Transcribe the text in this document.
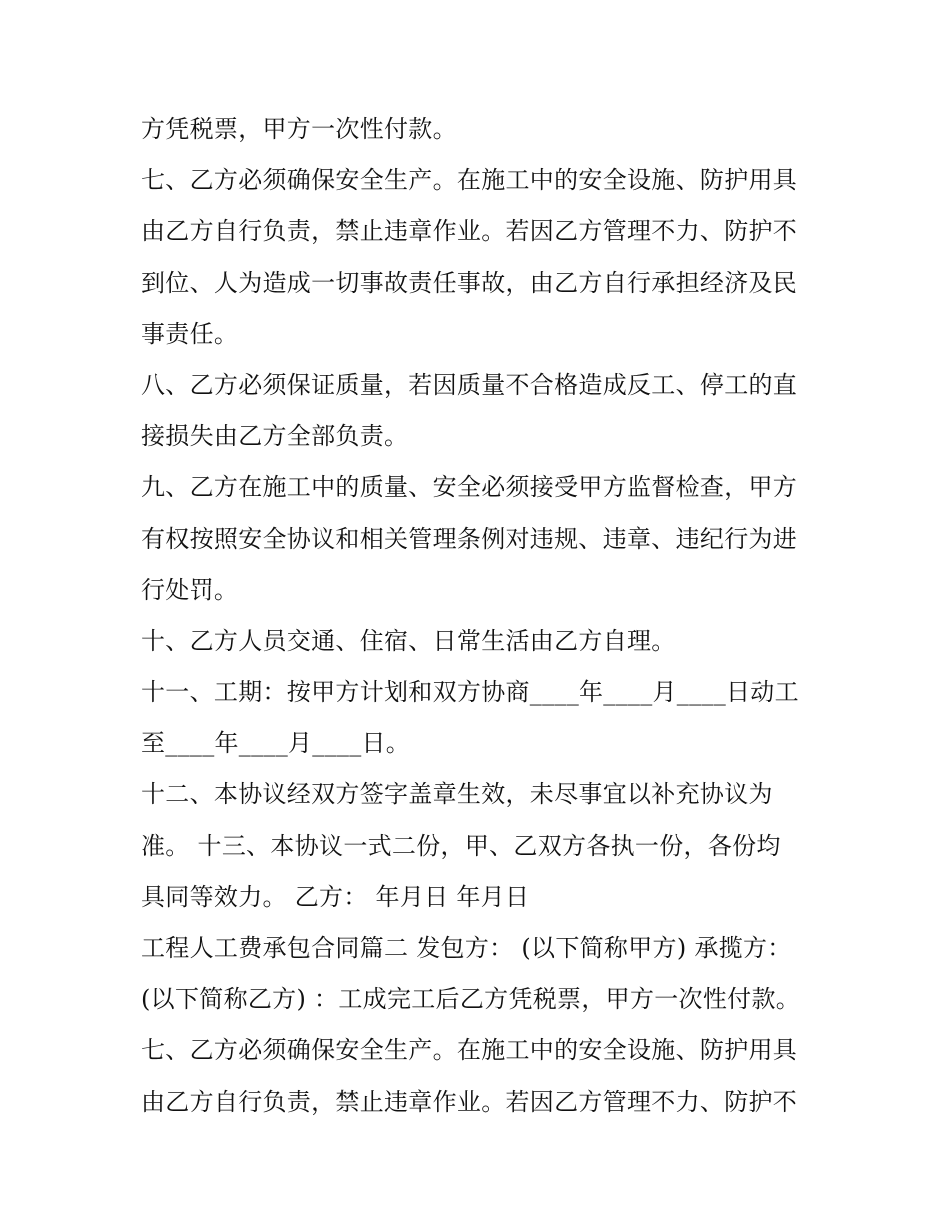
方凭税票，甲方一次性付款。
七、乙方必须确保安全生产。在施工中的安全设施、防护用具
由乙方自行负责，禁止违章作业。若因乙方管理不力、防护不
到位、人为造成一切事故责任事故，由乙方自行承担经济及民
事责任。
八、乙方必须保证质量，若因质量不合格造成反工、停工的直
接损失由乙方全部负责。
九、乙方在施工中的质量、安全必须接受甲方监督检查，甲方
有权按照安全协议和相关管理条例对违规、违章、违纪行为进
行处罚。
十、乙方人员交通、住宿、日常生活由乙方自理。
十一、工期：按甲方计划和双方协商____年____月____日动工
至____年____月____日。
十二、本协议经双方签字盖章生效，未尽事宜以补充协议为
准。 十三、本协议一式二份，甲、乙双方各执一份，各份均
具同等效力。 乙方： 年月日 年月日
工程人工费承包合同篇二 发包方： (以下简称甲方) 承揽方：
(以下简称乙方) ：工成完工后乙方凭税票，甲方一次性付款。
七、乙方必须确保安全生产。在施工中的安全设施、防护用具
由乙方自行负责，禁止违章作业。若因乙方管理不力、防护不
